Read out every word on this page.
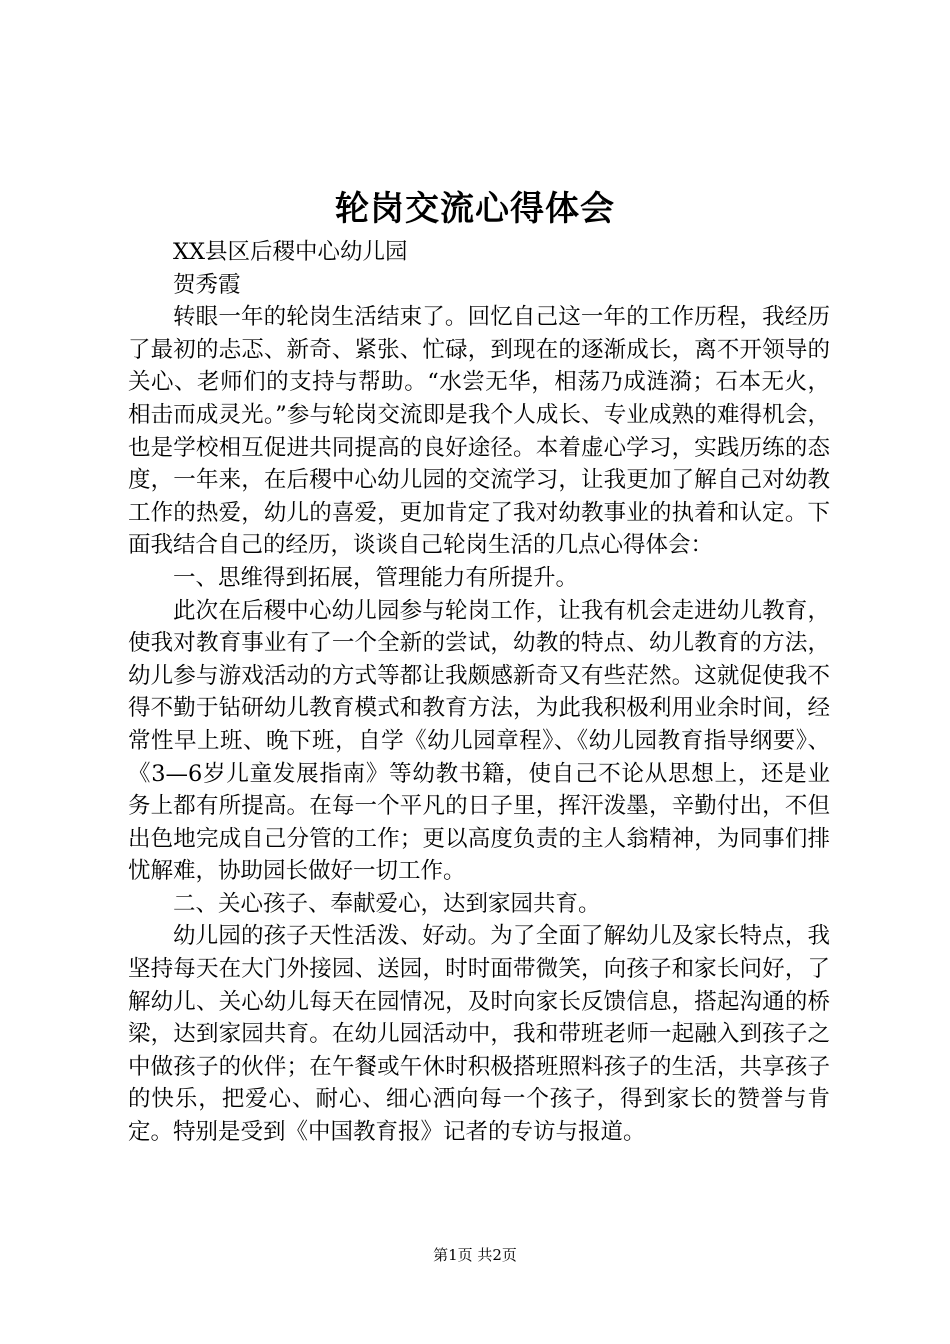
轮岗交流心得体会

XX县区后稷中心幼儿园

贺秀霞

转眼一年的轮岗生活结束了。回忆自己这一年的工作历程，我经历了最初的忐忑、新奇、紧张、忙碌，到现在的逐渐成长，离不开领导的关心、老师们的支持与帮助。“水尝无华，相荡乃成涟漪；石本无火，相击而成灵光。”参与轮岗交流即是我个人成长、专业成熟的难得机会，也是学校相互促进共同提高的良好途径。本着虚心学习，实践历练的态度，一年来，在后稷中心幼儿园的交流学习，让我更加了解自己对幼教工作的热爱，幼儿的喜爱，更加肯定了我对幼教事业的执着和认定。下面我结合自己的经历，谈谈自己轮岗生活的几点心得体会：

一、思维得到拓展，管理能力有所提升。

此次在后稷中心幼儿园参与轮岗工作，让我有机会走进幼儿教育，使我对教育事业有了一个全新的尝试，幼教的特点、幼儿教育的方法，幼儿参与游戏活动的方式等都让我颇感新奇又有些茫然。这就促使我不得不勤于钻研幼儿教育模式和教育方法，为此我积极利用业余时间，经常性早上班、晚下班，自学《幼儿园章程》、《幼儿园教育指导纲要》、《3—6岁儿童发展指南》等幼教书籍，使自己不论从思想上，还是业务上都有所提高。在每一个平凡的日子里，挥汗泼墨，辛勤付出，不但出色地完成自己分管的工作；更以高度负责的主人翁精神，为同事们排忧解难，协助园长做好一切工作。

二、关心孩子、奉献爱心，达到家园共育。

幼儿园的孩子天性活泼、好动。为了全面了解幼儿及家长特点，我坚持每天在大门外接园、送园，时时面带微笑，向孩子和家长问好，了解幼儿、关心幼儿每天在园情况，及时向家长反馈信息，搭起沟通的桥梁，达到家园共育。在幼儿园活动中，我和带班老师一起融入到孩子之中做孩子的伙伴；在午餐或午休时积极搭班照料孩子的生活，共享孩子的快乐，把爱心、耐心、细心洒向每一个孩子，得到家长的赞誉与肯定。特别是受到《中国教育报》记者的专访与报道。

第1页 共2页
